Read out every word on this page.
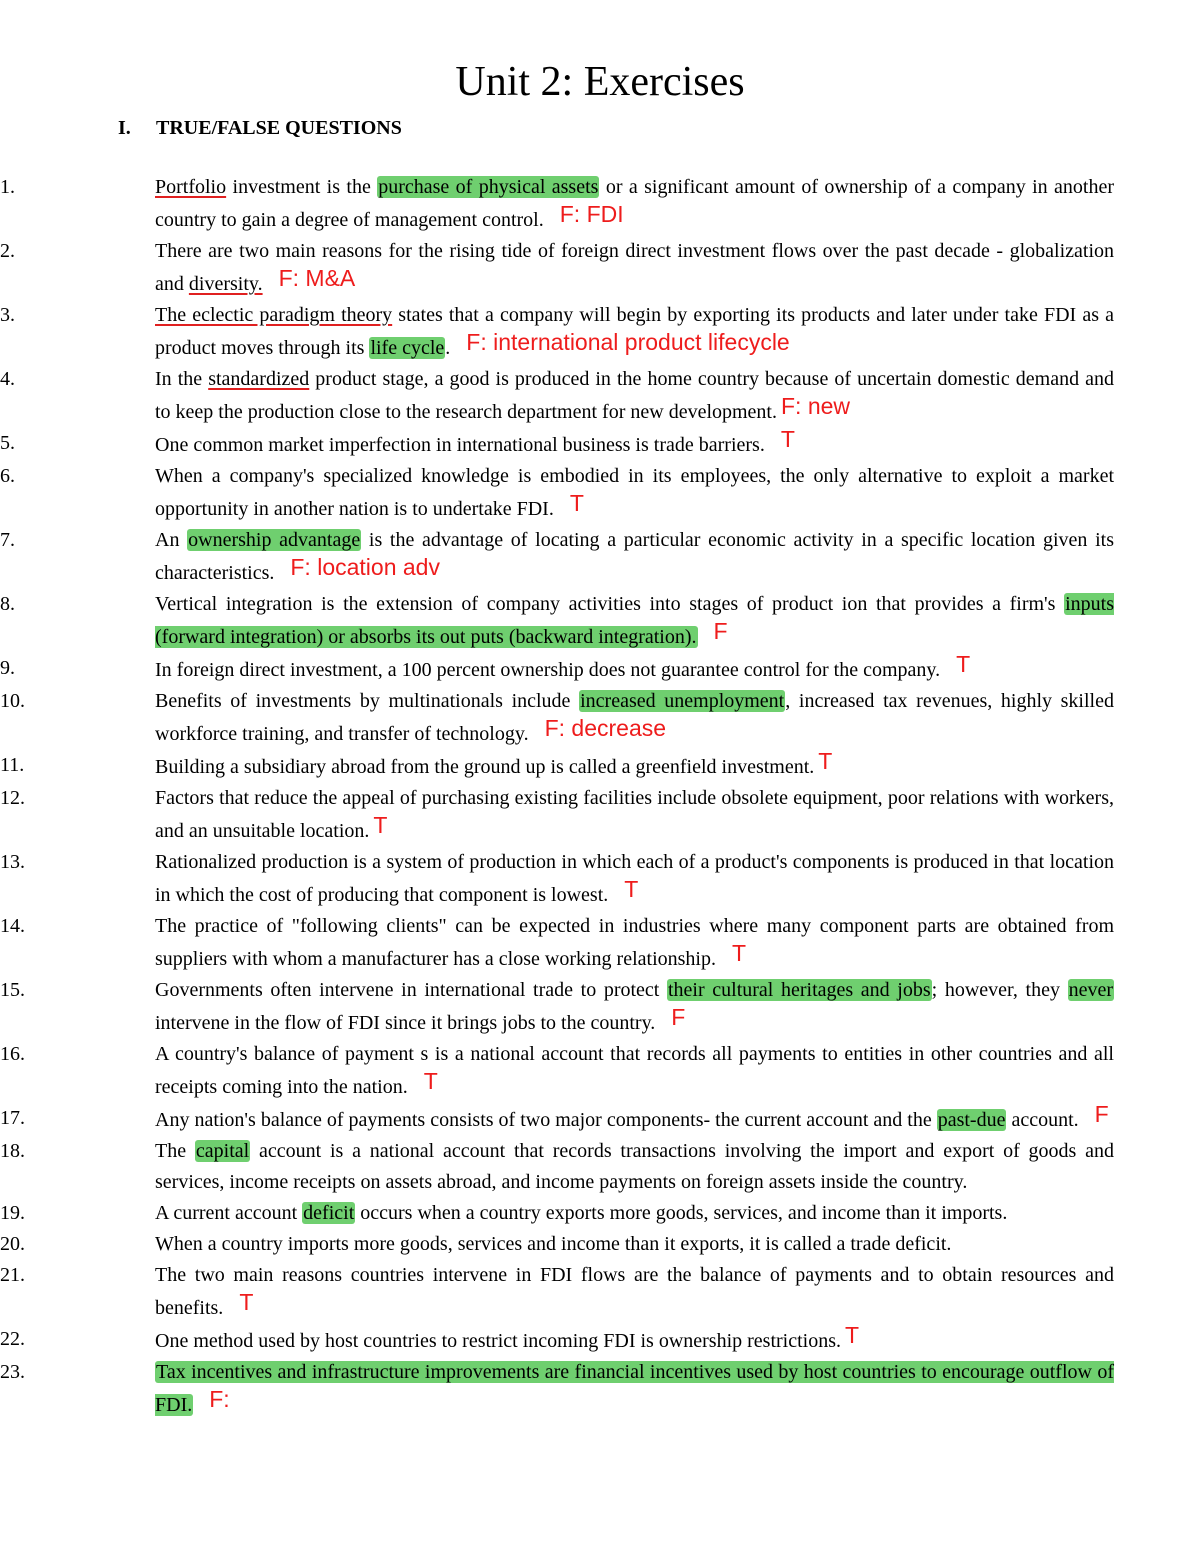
Unit 2: Exercises
I. TRUE/FALSE QUESTIONS
1.	Portfolio investment is the purchase of physical assets or a significant amount of ownership of a company in another country to gain a degree of management control. F: FDI
2.	There are two main reasons for the rising tide of foreign direct investment flows over the past decade - globalization and diversity. F: M&A
3.	The eclectic paradigm theory states that a company will begin by exporting its products and later under take FDI as a product moves through its life cycle. F: international product lifecycle
4.	In the standardized product stage, a good is produced in the home country because of uncertain domestic demand and to keep the production close to the research department for new development. F: new
5.	One common market imperfection in international business is trade barriers. T
6.	When a company's specialized knowledge is embodied in its employees, the only alternative to exploit a market opportunity in another nation is to undertake FDI. T
7.	An ownership advantage is the advantage of locating a particular economic activity in a specific location given its characteristics. F: location adv
8.	Vertical integration is the extension of company activities into stages of product ion that provides a firm's inputs (forward integration) or absorbs its out puts (backward integration). F
9.	In foreign direct investment, a 100 percent ownership does not guarantee control for the company. T
10.	Benefits of investments by multinationals include increased unemployment, increased tax revenues, highly skilled workforce training, and transfer of technology. F: decrease
11.	Building a subsidiary abroad from the ground up is called a greenfield investment. T
12.	Factors that reduce the appeal of purchasing existing facilities include obsolete equipment, poor relations with workers, and an unsuitable location. T
13.	Rationalized production is a system of production in which each of a product's components is produced in that location in which the cost of producing that component is lowest. T
14.	The practice of "following clients" can be expected in industries where many component parts are obtained from suppliers with whom a manufacturer has a close working relationship. T
15.	Governments often intervene in international trade to protect their cultural heritages and jobs; however, they never intervene in the flow of FDI since it brings jobs to the country. F
16.	A country's balance of payment s is a national account that records all payments to entities in other countries and all receipts coming into the nation. T
17.	Any nation's balance of payments consists of two major components- the current account and the past-due account. F
18.	The capital account is a national account that records transactions involving the import and export of goods and services, income receipts on assets abroad, and income payments on foreign assets inside the country.
19.	A current account deficit occurs when a country exports more goods, services, and income than it imports.
20.	When a country imports more goods, services and income than it exports, it is called a trade deficit.
21.	The two main reasons countries intervene in FDI flows are the balance of payments and to obtain resources and benefits. T
22.	One method used by host countries to restrict incoming FDI is ownership restrictions. T
23.	Tax incentives and infrastructure improvements are financial incentives used by host countries to encourage outflow of FDI. F:
